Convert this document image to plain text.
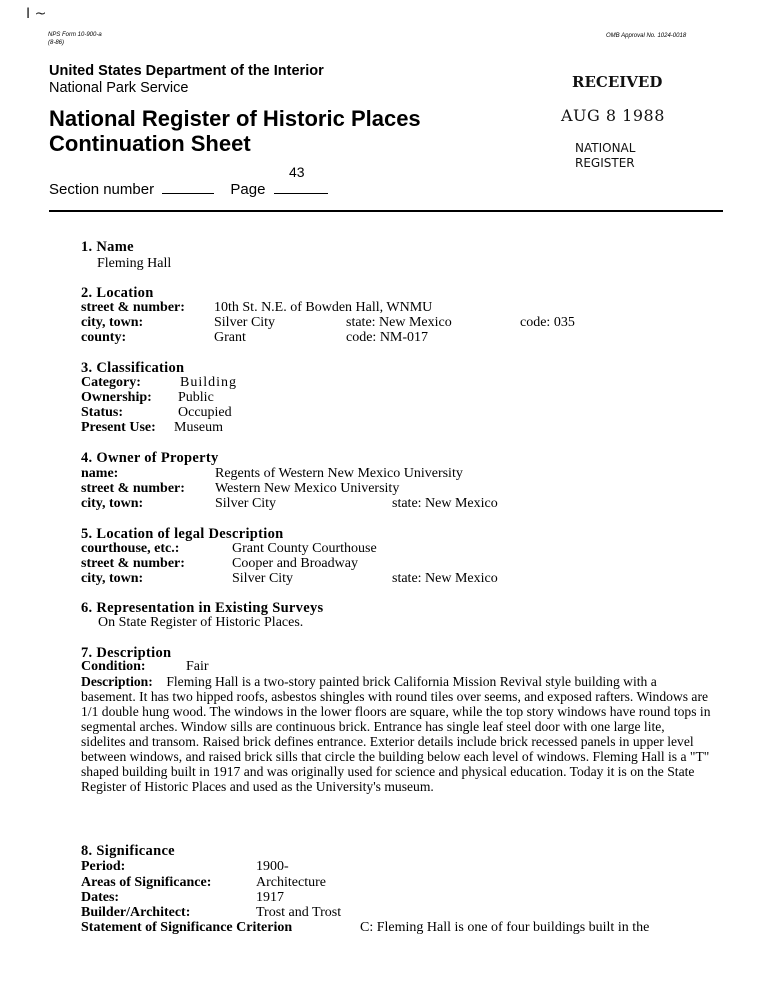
I ~
NPS Form 10-900-a
(8-86)
OMB Approval No. 1024-0018
United States Department of the Interior
National Park Service
National Register of Historic Places
Continuation Sheet
RECEIVED
AUG 8 1988
NATIONAL
REGISTER
43
Section number	Page
1. Name
Fleming Hall
2. Location
street & number: 10th St. N.E. of Bowden Hall, WNMU
city, town:	Silver City	state: New Mexico	code: 035
county:	Grant	code: NM-017
3. Classification
Category:	Building
Ownership: Public
Status:	Occupied
Present Use: Museum
4. Owner of Property
name:	Regents of Western New Mexico University
street & number: Western New Mexico University
city, town:	Silver City	state: New Mexico
5. Location of legal Description
courthouse, etc.:	Grant County Courthouse
street & number:	Cooper and Broadway
city, town:	Silver City	state: New Mexico
6. Representation in Existing Surveys
On State Register of Historic Places.
7. Description
Condition:	Fair
Description: Fleming Hall is a two-story painted brick California Mission Revival style building with a basement. It has two hipped roofs, asbestos shingles with round tiles over seems, and exposed rafters. Windows are 1/1 double hung wood. The windows in the lower floors are square, while the top story windows have round tops in segmental arches. Window sills are continuous brick. Entrance has single leaf steel door with one large lite, sidelites and transom. Raised brick defines entrance. Exterior details include brick recessed panels in upper level between windows, and raised brick sills that circle the building below each level of windows. Fleming Hall is a "T" shaped building built in 1917 and was originally used for science and physical education. Today it is on the State Register of Historic Places and used as the University's museum.
8. Significance
Period:	1900-
Areas of Significance:	Architecture
Dates:	1917
Builder/Architect:	Trost and Trost
Statement of Significance Criterion	C: Fleming Hall is one of four buildings built in the
